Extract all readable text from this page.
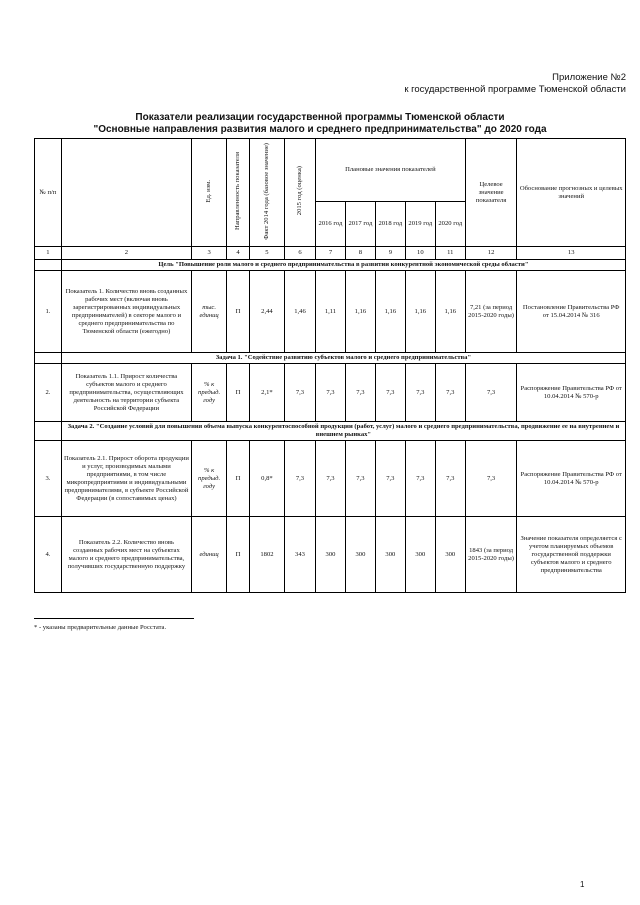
Приложение №2
к государственной программе Тюменской области
Показатели реализации государственной программы Тюменской области
"Основные направления развития малого и среднего предпринимательства" до 2020 года
№ п/п		Ед. изм.	Направленность показателя	Факт 2014 года (базовое значение)	2015 год (оценка)	Плановые значения показателей					Целевое значение показателя	Обоснование прогнозных и целевых значений
						2016 год	2017 год	2018 год	2019 год	2020 год		
1	2	3	4	5	6	7	8	9	10	11	12	13
	Цель "Повышение роли малого и среднего предпринимательства в развитии конкурентной экономической среды области"											
1.	Показатель 1. Количество вновь созданных рабочих мест (включая вновь зарегистрированных индивидуальных предпринимателей) в секторе малого и среднего предпринимательства по Тюменской области (ежегодно)	тыс. единиц	П	2,44	1,46	1,11	1,16	1,16	1,16	1,16	7,21 (за период 2015-2020 годы)	Постановление Правительства РФ от 15.04.2014 № 316
	Задача 1. "Содействие развитию субъектов малого и среднего предпринимательства"											
2.	Показатель 1.1. Прирост количества субъектов малого и среднего предпринимательства, осуществляющих деятельность на территории субъекта Российской Федерации	% к предыд. году	П	2,1*	7,3	7,3	7,3	7,3	7,3	7,3	7,3	Распоряжение Правительства РФ от 10.04.2014 № 570-р
	Задача 2. "Создание условий для повышения объема выпуска конкурентоспособной продукции (работ, услуг) малого и среднего предпринимательства, продвижение ее на внутреннем и внешнем рынках"											
3.	Показатель 2.1. Прирост оборота продукции и услуг, производимых малыми предприятиями, в том числе микропредприятиями и индивидуальными предпринимателями, в субъекте Российской Федерации (в сопоставимых ценах)	% к предыд. году	П	0,8*	7,3	7,3	7,3	7,3	7,3	7,3	7,3	Распоряжение Правительства РФ от 10.04.2014 № 570-р
4.	Показатель 2.2. Количество вновь созданных рабочих мест на субъектах малого и среднего предпринимательства, получивших государственную поддержку	единиц	П	1802	343	300	300	300	300	300	1843 (за период 2015-2020 годы)	Значение показателя определяется с учетом планируемых объемов государственной поддержки субъектов малого и среднего предпринимательства
* - указаны предварительные данные Росстата.
1
